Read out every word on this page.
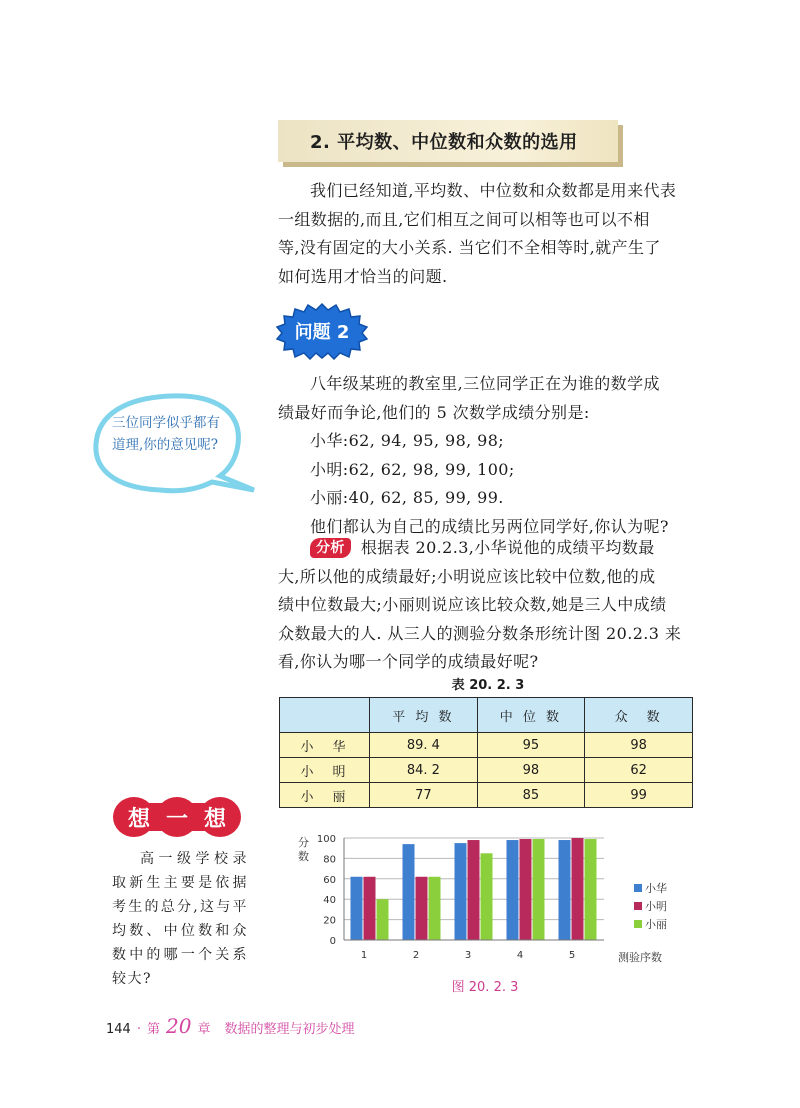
2. 平均数、中位数和众数的选用
我们已经知道,平均数、中位数和众数都是用来代表
一组数据的,而且,它们相互之间可以相等也可以不相
等,没有固定的大小关系. 当它们不全相等时,就产生了
如何选用才恰当的问题.
问题 2
八年级某班的教室里,三位同学正在为谁的数学成
绩最好而争论,他们的 5 次数学成绩分别是:
小华:62, 94, 95, 98, 98;
小明:62, 62, 98, 99, 100;
小丽:40, 62, 85, 99, 99.
他们都认为自己的成绩比另两位同学好,你认为呢?
三位同学似乎都有道理,你的意见呢?
分析 根据表 20.2.3,小华说他的成绩平均数最
大,所以他的成绩最好;小明说应该比较中位数,他的成
绩中位数最大;小丽则说应该比较众数,她是三人中成绩
众数最大的人. 从三人的测验分数条形统计图 20.2.3 来
看,你认为哪一个同学的成绩最好呢?
表 20. 2. 3
	平 均 数	中 位 数	众　数
小　华	89. 4	95	98
小　明	84. 2	98	62
小　丽	77	85	99
想 一 想
高一级学校录取新生主要是依据考生的总分,这与平均数、中位数和众数中的哪一个关系较大?
0
20
40
60
80
100
1	2	3	4	5
小华
小明
小丽
分
数
测验序数
图 20. 2. 3
144 · 第 20 章 数据的整理与初步处理
